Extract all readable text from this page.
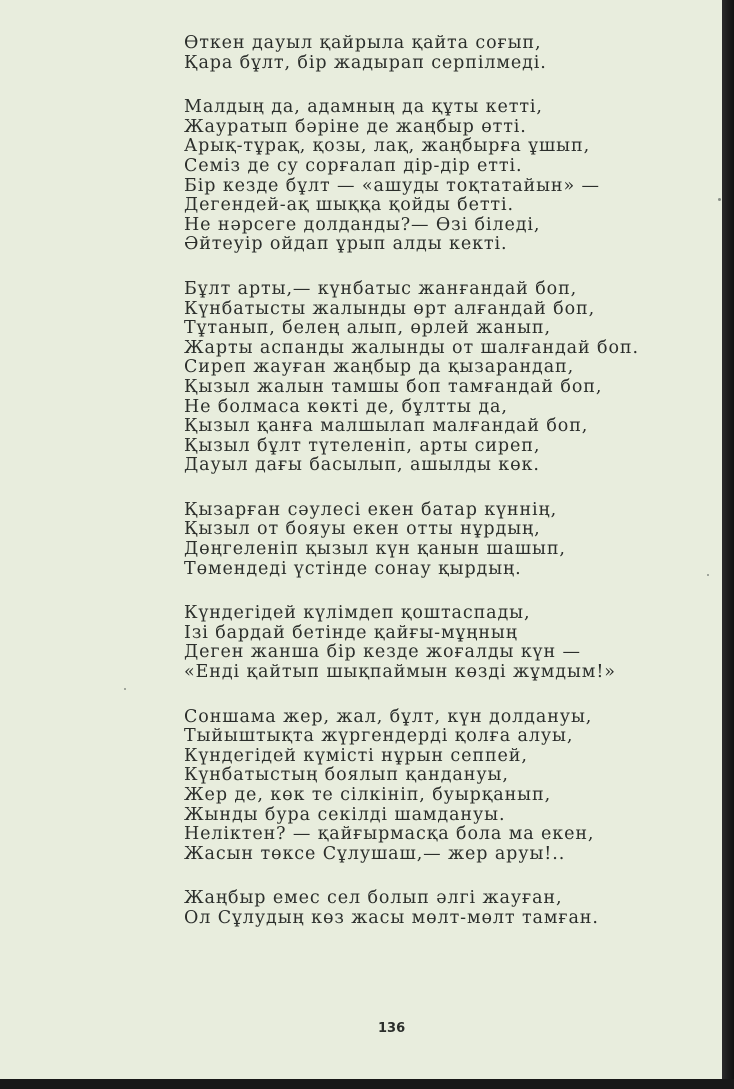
Өткен дауыл қайрыла қайта соғып,
Қара бұлт, бір жадырап серпілмеді.
Малдың да, адамның да құты кетті,
Жауратып бәріне де жаңбыр өтті.
Арық-тұрақ, қозы, лақ, жаңбырға ұшып,
Семіз де су сорғалап дір-дір етті.
Бір кезде бұлт — «ашуды тоқтатайын» —
Дегендей-ақ шыққа қойды бетті.
Не нәрсеге долданды?— Өзі біледі,
Әйтеуір ойдап ұрып алды кекті.
Бұлт арты,— күнбатыс жанғандай боп,
Күнбатысты жалынды өрт алғандай боп,
Тұтанып, белең алып, өрлей жанып,
Жарты аспанды жалынды от шалғандай боп.
Сиреп жауған жаңбыр да қызарандап,
Қызыл жалын тамшы боп тамғандай боп,
Не болмаса көкті де, бұлтты да,
Қызыл қанға малшылап малғандай боп,
Қызыл бұлт түтеленіп, арты сиреп,
Дауыл дағы басылып, ашылды көк.
Қызарған сәулесі екен батар күннің,
Қызыл от бояуы екен отты нұрдың,
Дөңгеленіп қызыл күн қанын шашып,
Төмендеді үстінде сонау қырдың.
Күндегідей күлімдеп қоштаспады,
Ізі бардай бетінде қайғы-мұңның
Деген жанша бір кезде жоғалды күн —
«Енді қайтып шықпаймын көзді жұмдым!»
Соншама жер, жал, бұлт, күн долдануы,
Тыйыштықта жүргендерді қолға алуы,
Күндегідей күмісті нұрын сеппей,
Күнбатыстың боялып қандануы,
Жер де, көк те сілкініп, буырқанып,
Жынды бура секілді шамдануы.
Неліктен? — қайғырмасқа бола ма екен,
Жасын төксе Сұлушаш,— жер аруы!..
Жаңбыр емес сел болып әлгі жауған,
Ол Сұлудың көз жасы мөлт-мөлт тамған.
136
